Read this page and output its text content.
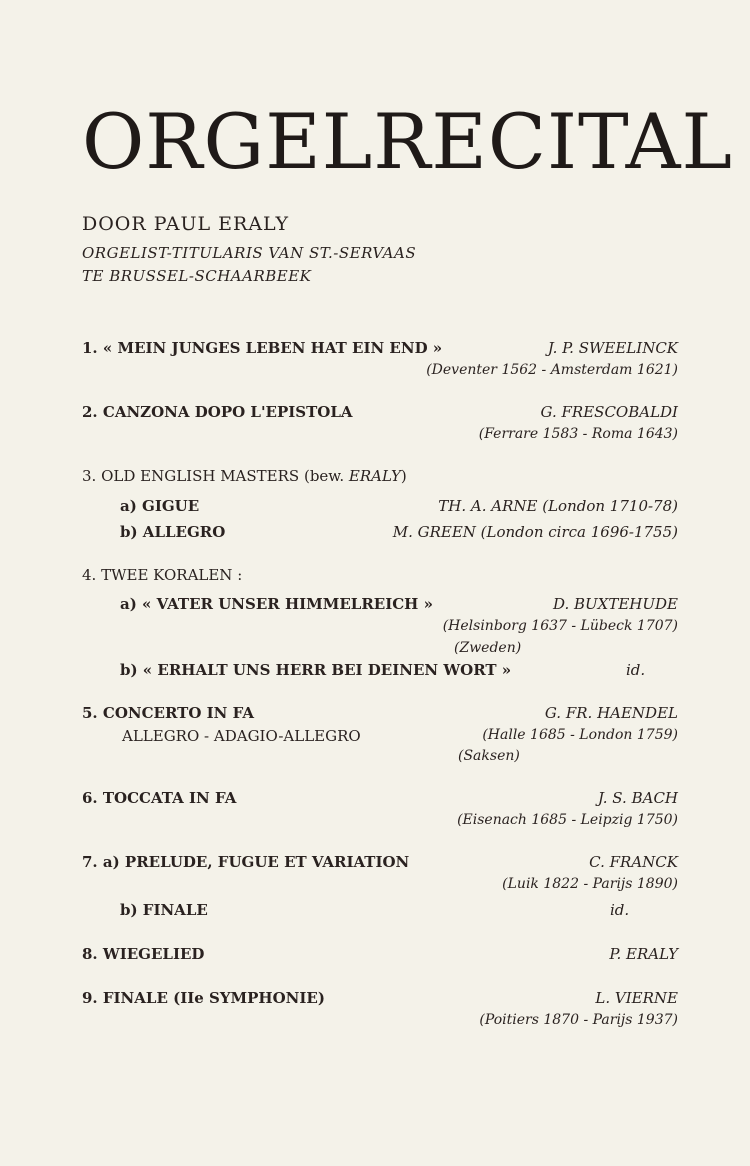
ORGELRECITAL
DOOR PAUL ERALY
ORGELIST-TITULARIS VAN ST.-SERVAAS
TE BRUSSEL-SCHAARBEEK
1. « MEIN JUNGES LEBEN HAT EIN END »	J. P. SWEELINCK
(Deventer 1562 - Amsterdam 1621)
2. CANZONA DOPO L'EPISTOLA	G. FRESCOBALDI
(Ferrare 1583 - Roma 1643)
3. OLD ENGLISH MASTERS (bew. ERALY)
a) GIGUE	TH. A. ARNE (London 1710-78)
b) ALLEGRO	M. GREEN (London circa 1696-1755)
4. TWEE KORALEN :
a) « VATER UNSER HIMMELREICH »	D. BUXTEHUDE
(Helsinborg 1637 - Lübeck 1707)
(Zweden)
b) « ERHALT UNS HERR BEI DEINEN WORT »	id.
5. CONCERTO IN FA	G. FR. HAENDEL
ALLEGRO - ADAGIO-ALLEGRO	(Halle 1685 - London 1759)
(Saksen)
6. TOCCATA IN FA	J. S. BACH
(Eisenach 1685 - Leipzig 1750)
7. a) PRELUDE, FUGUE ET VARIATION	C. FRANCK
(Luik 1822 - Parijs 1890)
b) FINALE	id.
8. WIEGELIED	P. ERALY
9. FINALE (IIe SYMPHONIE)	L. VIERNE
(Poitiers 1870 - Parijs 1937)
